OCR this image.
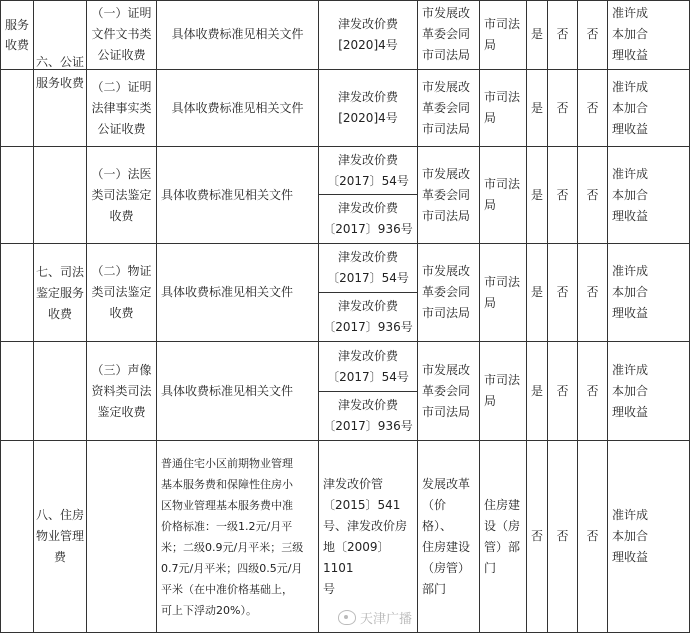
服务
收费
六、公证
服务收费
（一）证明
文件文书类
公证收费
具体收费标准见相关文件
津发改价费
[2020]4号
市发展改
革委会同
市司法局
市司法
局
是 否 否
准许成
本加合
理收益
（二）证明
法律事实类
公证收费
具体收费标准见相关文件
津发改价费
[2020]4号
市发展改
革委会同
市司法局
市司法
局
是 否 否
准许成
本加合
理收益
七、司法
鉴定服务
收费
（一）法医
类司法鉴定
收费
具体收费标准见相关文件
津发改价费
〔2017〕54号
津发改价费
〔2017〕936号
市发展改
革委会同
市司法局
市司法
局
是 否 否
准许成
本加合
理收益
（二）物证
类司法鉴定
收费
具体收费标准见相关文件
津发改价费
〔2017〕54号
津发改价费
〔2017〕936号
市发展改
革委会同
市司法局
市司法
局
是 否 否
准许成
本加合
理收益
（三）声像
资料类司法
鉴定收费
具体收费标准见相关文件
津发改价费
〔2017〕54号
津发改价费
〔2017〕936号
市发展改
革委会同
市司法局
市司法
局
是 否 否
准许成
本加合
理收益
八、住房
物业管理
费
普通住宅小区前期物业管理
基本服务费和保障性住房小
区物业管理基本服务费中准
价格标准：一级1.2元/月平
米；二级0.9元/月平米；三级
0.7元/月平米；四级0.5元/月
平米（在中准价格基础上，
可上下浮动20%）。
津发改价管
〔2015〕541
号、津发改价房
地〔2009〕1101
号
发展改革
（价
格）、
住房建设
（房管）
部门
住房建
设（房
管）部
门
否 否 否
准许成
本加合
理收益
天津广播
